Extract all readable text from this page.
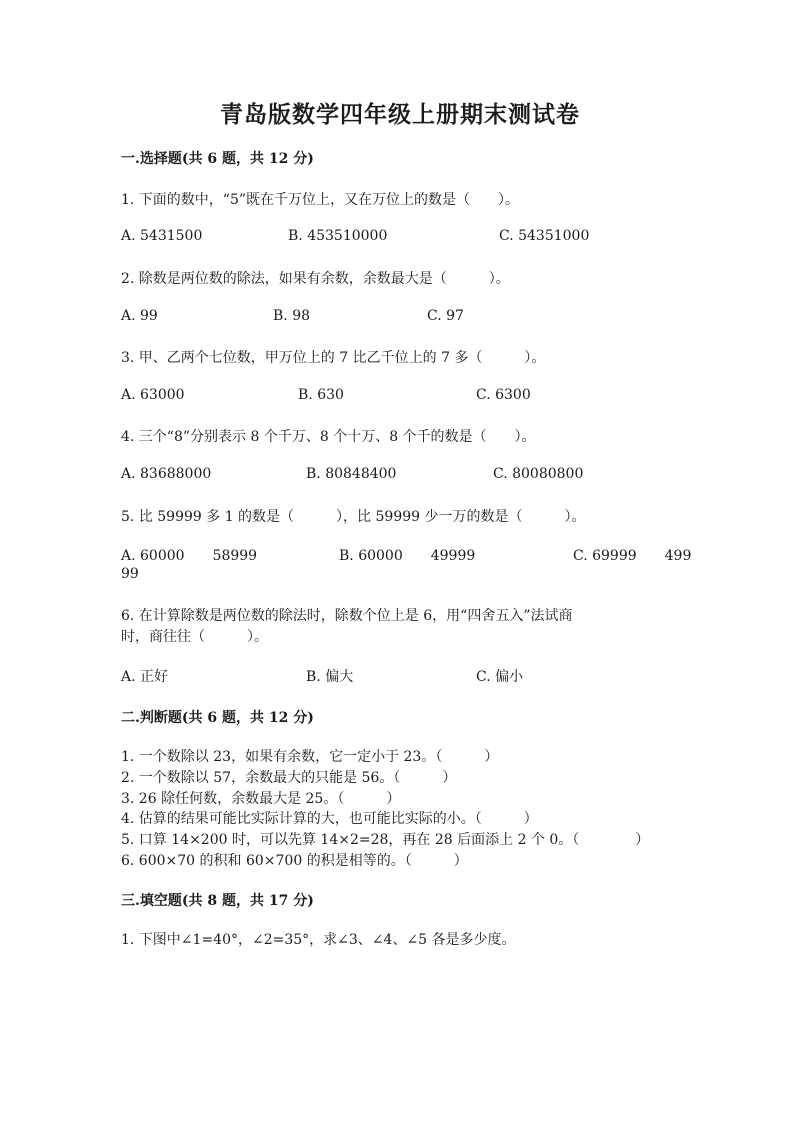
青岛版数学四年级上册期末测试卷
一.选择题(共 6 题，共 12 分)
1. 下面的数中，“5”既在千万位上，又在万位上的数是（　　）。
A. 5431500	B. 453510000	C. 54351000
2. 除数是两位数的除法，如果有余数，余数最大是（　　　）。
A. 99	B. 98	C. 97
3. 甲、乙两个七位数，甲万位上的 7 比乙千位上的 7 多（　　　）。
A. 63000	B. 630	C. 6300
4. 三个“8”分别表示 8 个千万、8 个十万、8 个千的数是（　　）。
A. 83688000	B. 80848400	C. 80080800
5. 比 59999 多 1 的数是（　　　），比 59999 少一万的数是（　　　）。
A. 60000　　58999	B. 60000　　49999	C. 69999　　499
99
6. 在计算除数是两位数的除法时，除数个位上是 6，用“四舍五入”法试商
时，商往往（　　　）。
A. 正好	B. 偏大	C. 偏小
二.判断题(共 6 题，共 12 分)
1. 一个数除以 23，如果有余数，它一定小于 23。（　　　）
2. 一个数除以 57，余数最大的只能是 56。（　　　）
3. 26 除任何数，余数最大是 25。（　　　）
4. 估算的结果可能比实际计算的大，也可能比实际的小。（　　　）
5. 口算 14×200 时，可以先算 14×2=28，再在 28 后面添上 2 个 0。（　　　　）
6. 600×70 的积和 60×700 的积是相等的。（　　　）
三.填空题(共 8 题，共 17 分)
1. 下图中∠1=40°，∠2=35°，求∠3、∠4、∠5 各是多少度。
